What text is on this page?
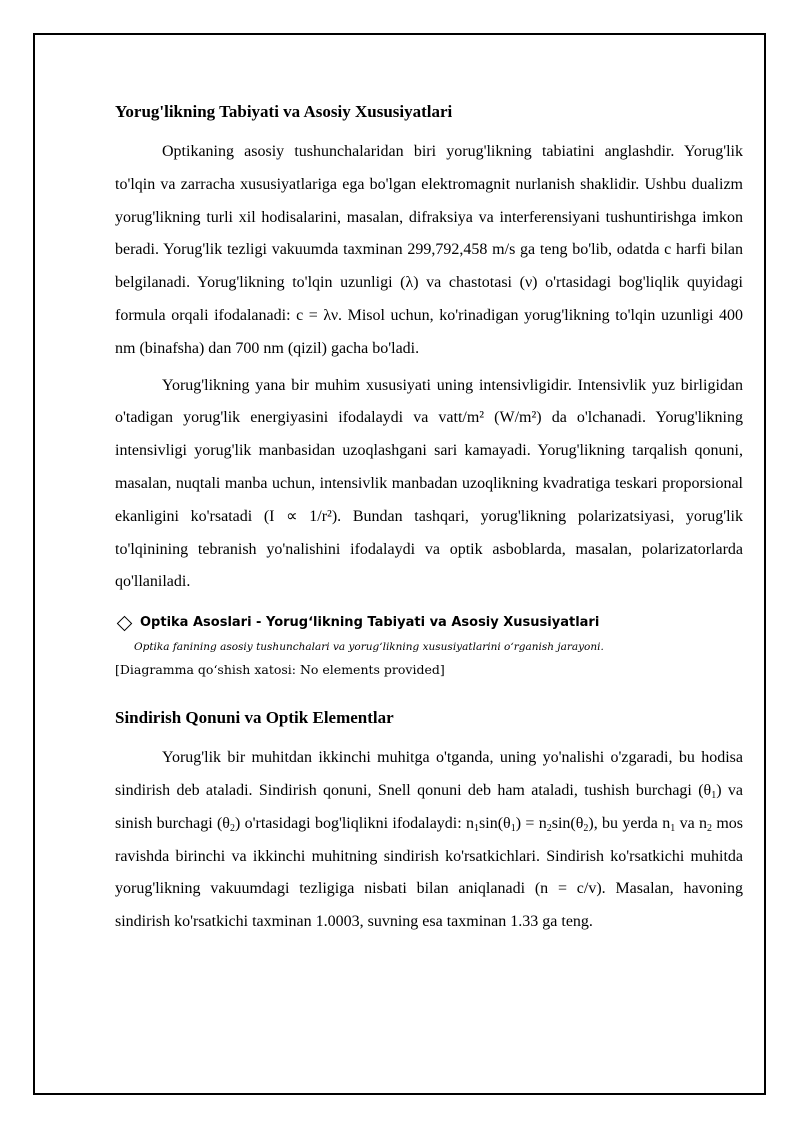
Yorug'likning Tabiyati va Asosiy Xususiyatlari

Optikaning asosiy tushunchalaridan biri yorug'likning tabiatini anglashdir. Yorug'lik to'lqin va zarracha xususiyatlariga ega bo'lgan elektromagnit nurlanish shaklidir. Ushbu dualizm yorug'likning turli xil hodisalarini, masalan, difraksiya va interferensiyani tushuntirishga imkon beradi. Yorug'lik tezligi vakuumda taxminan 299,792,458 m/s ga teng bo'lib, odatda c harfi bilan belgilanadi. Yorug'likning to'lqin uzunligi (λ) va chastotasi (ν) o'rtasidagi bog'liqlik quyidagi formula orqali ifodalanadi: c = λν. Misol uchun, ko'rinadigan yorug'likning to'lqin uzunligi 400 nm (binafsha) dan 700 nm (qizil) gacha bo'ladi.

Yorug'likning yana bir muhim xususiyati uning intensivligidir. Intensivlik yuz birligidan o'tadigan yorug'lik energiyasini ifodalaydi va vatt/m² (W/m²) da o'lchanadi. Yorug'likning intensivligi yorug'lik manbasidan uzoqlashgani sari kamayadi. Yorug'likning tarqalish qonuni, masalan, nuqtali manba uchun, intensivlik manbadan uzoqlikning kvadratiga teskari proporsional ekanligini ko'rsatadi (I ∝ 1/r²). Bundan tashqari, yorug'likning polarizatsiyasi, yorug'lik to'lqinining tebranish yo'nalishini ifodalaydi va optik asboblarda, masalan, polarizatorlarda qo'llaniladi.

Optika Asoslari - Yorugʻlikning Tabiyati va Asosiy Xususiyatlari
Optika fanining asosiy tushunchalari va yorugʻlikning xususiyatlarini oʻrganish jarayoni.
[Diagramma qoʻshish xatosi: No elements provided]
Sindirish Qonuni va Optik Elementlar

Yorug'lik bir muhitdan ikkinchi muhitga o'tganda, uning yo'nalishi o'zgaradi, bu hodisa sindirish deb ataladi. Sindirish qonuni, Snell qonuni deb ham ataladi, tushish burchagi $(\theta_1)$ va sinish burchagi $(\theta_2)$ o'rtasidagi bog'liqlikni ifodalaydi: $n_1\sin(\theta_1) = n_2\sin(\theta_2)$, bu yerda $n_1$ va $n_2$ mos ravishda birinchi va ikkinchi muhitning sindirish ko'rsatkichlari. Sindirish ko'rsatkichi muhitda yorug'likning vakuumdagi tezligiga nisbati bilan aniqlanadi (n = c/v). Masalan, havoning sindirish ko'rsatkichi taxminan 1.0003, suvning esa taxminan 1.33 ga teng.
